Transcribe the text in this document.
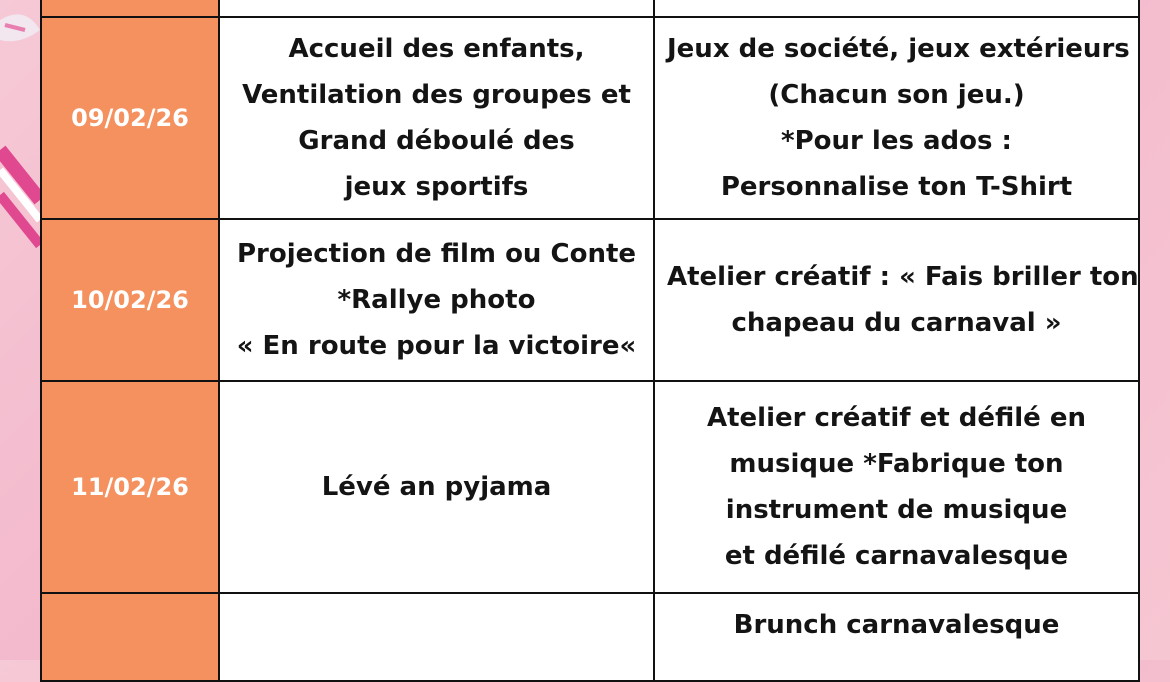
09/02/26	Accueil des enfants,
Ventilation des groupes et
Grand déboulé des
jeux sportifs	Jeux de société, jeux extérieurs
(Chacun son jeu.)
*Pour les ados :
Personnalise ton T-Shirt

10/02/26	Projection de film ou Conte
*Rallye photo
« En route pour la victoire«	Atelier créatif : « Fais briller ton
chapeau du carnaval »

11/02/26	Lévé an pyjama	Atelier créatif et défilé en
musique *Fabrique ton
instrument de musique
et défilé carnavalesque

		Brunch carnavalesque
